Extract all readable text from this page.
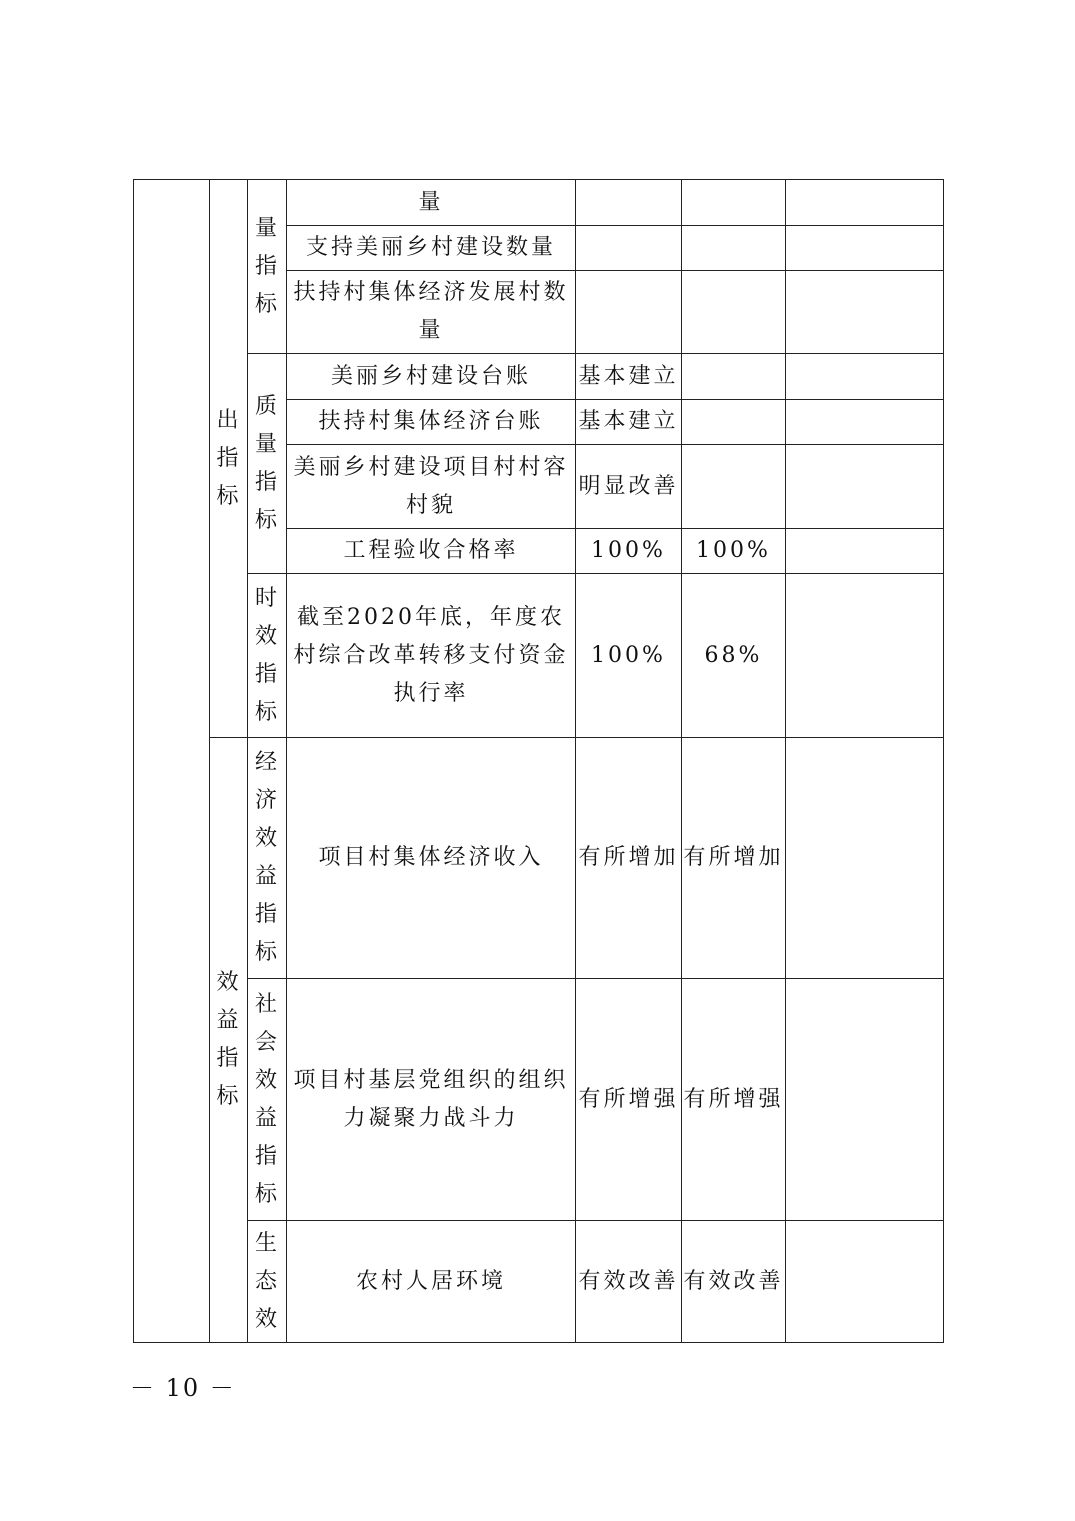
	出指标	量指标	量			
			支持美丽乡村建设数量			
			扶持村集体经济发展村数量			

		质量指标	美丽乡村建设台账	基本建立		
			扶持村集体经济台账	基本建立		
			美丽乡村建设项目村村容村貌	明显改善		
			工程验收合格率	100%	100%	

		时效指标	截至2020年底，年度农村综合改革转移支付资金执行率	100%	68%	

	效益指标	经济效益指标	项目村集体经济收入	有所增加	有所增加	

		社会效益指标	项目村基层党组织的组织力凝聚力战斗力	有所增强	有所增强	

		生态效	农村人居环境	有效改善	有效改善	
－ 10 －
